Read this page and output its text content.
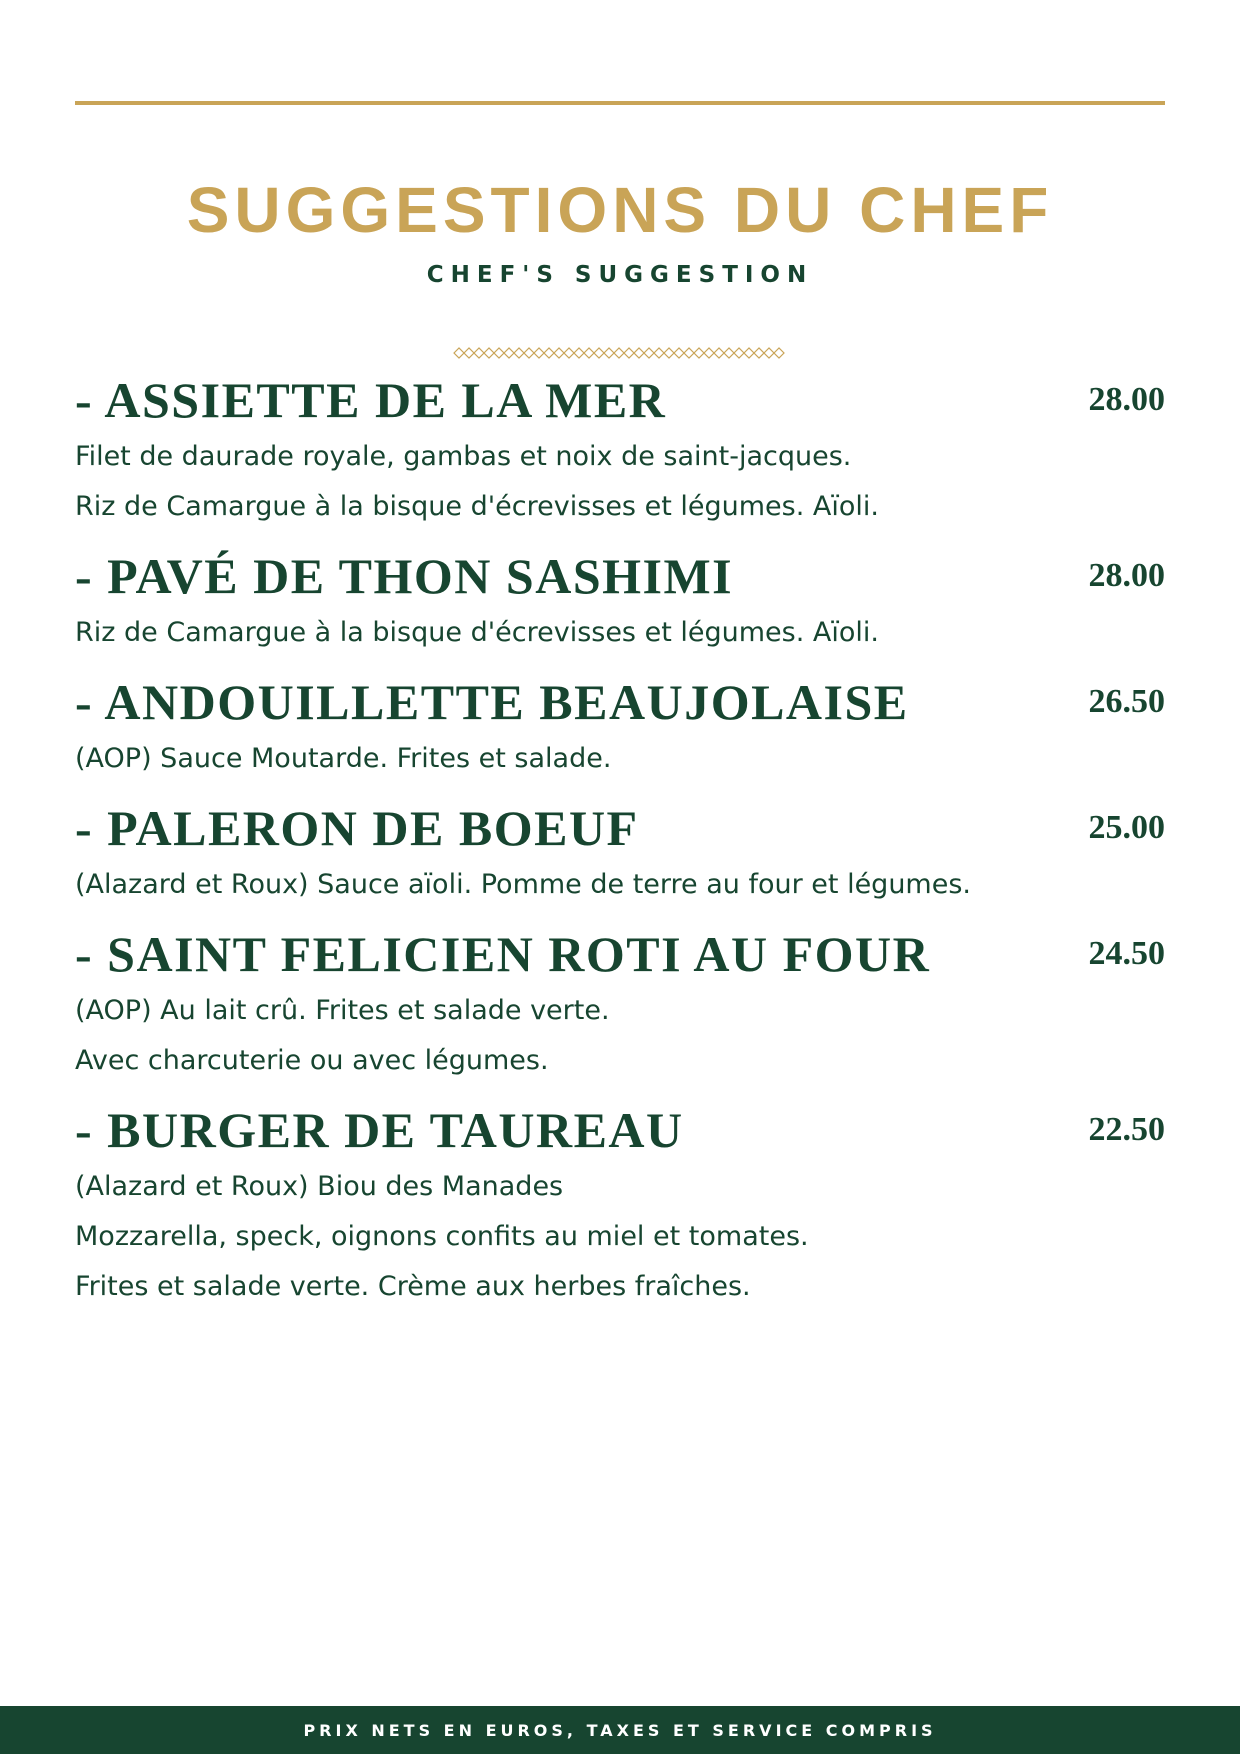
SUGGESTIONS DU CHEF
CHEF'S SUGGESTION
- ASSIETTE DE LA MER	28.00
Filet de daurade royale, gambas et noix de saint-jacques.
Riz de Camargue à la bisque d'écrevisses et légumes. Aïoli.
- PAVÉ DE THON SASHIMI	28.00
Riz de Camargue à la bisque d'écrevisses et légumes. Aïoli.
- ANDOUILLETTE BEAUJOLAISE	26.50
(AOP) Sauce Moutarde. Frites et salade.
- PALERON DE BOEUF	25.00
(Alazard et Roux) Sauce aïoli. Pomme de terre au four et légumes.
- SAINT FELICIEN ROTI AU FOUR	24.50
(AOP) Au lait crû. Frites et salade verte.
Avec charcuterie ou avec légumes.
- BURGER DE TAUREAU	22.50
(Alazard et Roux) Biou des Manades
Mozzarella, speck, oignons confits au miel et tomates.
Frites et salade verte. Crème aux herbes fraîches.
PRIX NETS EN EUROS, TAXES ET SERVICE COMPRIS
